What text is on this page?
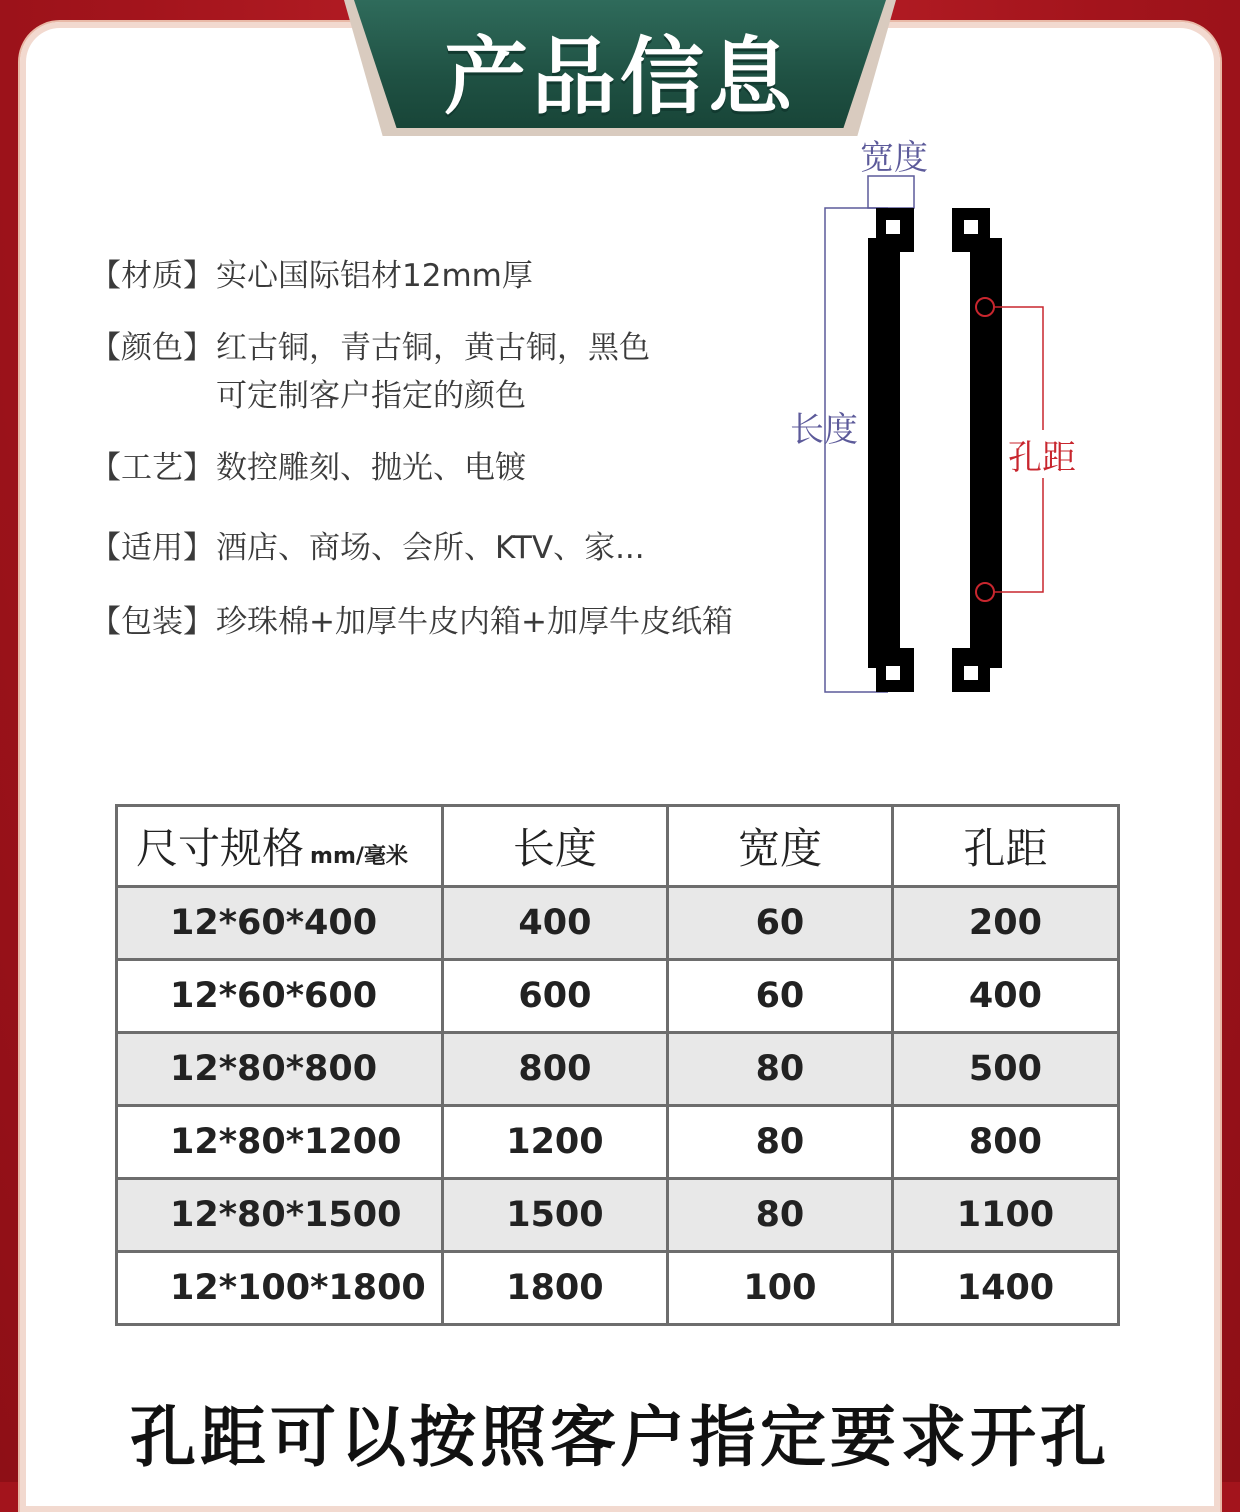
产品信息
【材质】 实心国际铝材12mm厚
【颜色】 红古铜，青古铜，黄古铜，黑色
可定制客户指定的颜色
【工艺】 数控雕刻、抛光、电镀
【适用】 酒店、商场、会所、KTV、家...
【包装】 珍珠棉+加厚牛皮内箱+加厚牛皮纸箱
宽度
长度
孔距
尺寸规格 mm/毫米	长度	宽度	孔距
12*60*400	400	60	200
12*60*600	600	60	400
12*80*800	800	80	500
12*80*1200	1200	80	800
12*80*1500	1500	80	1100
12*100*1800	1800	100	1400
孔距可以按照客户指定要求开孔
